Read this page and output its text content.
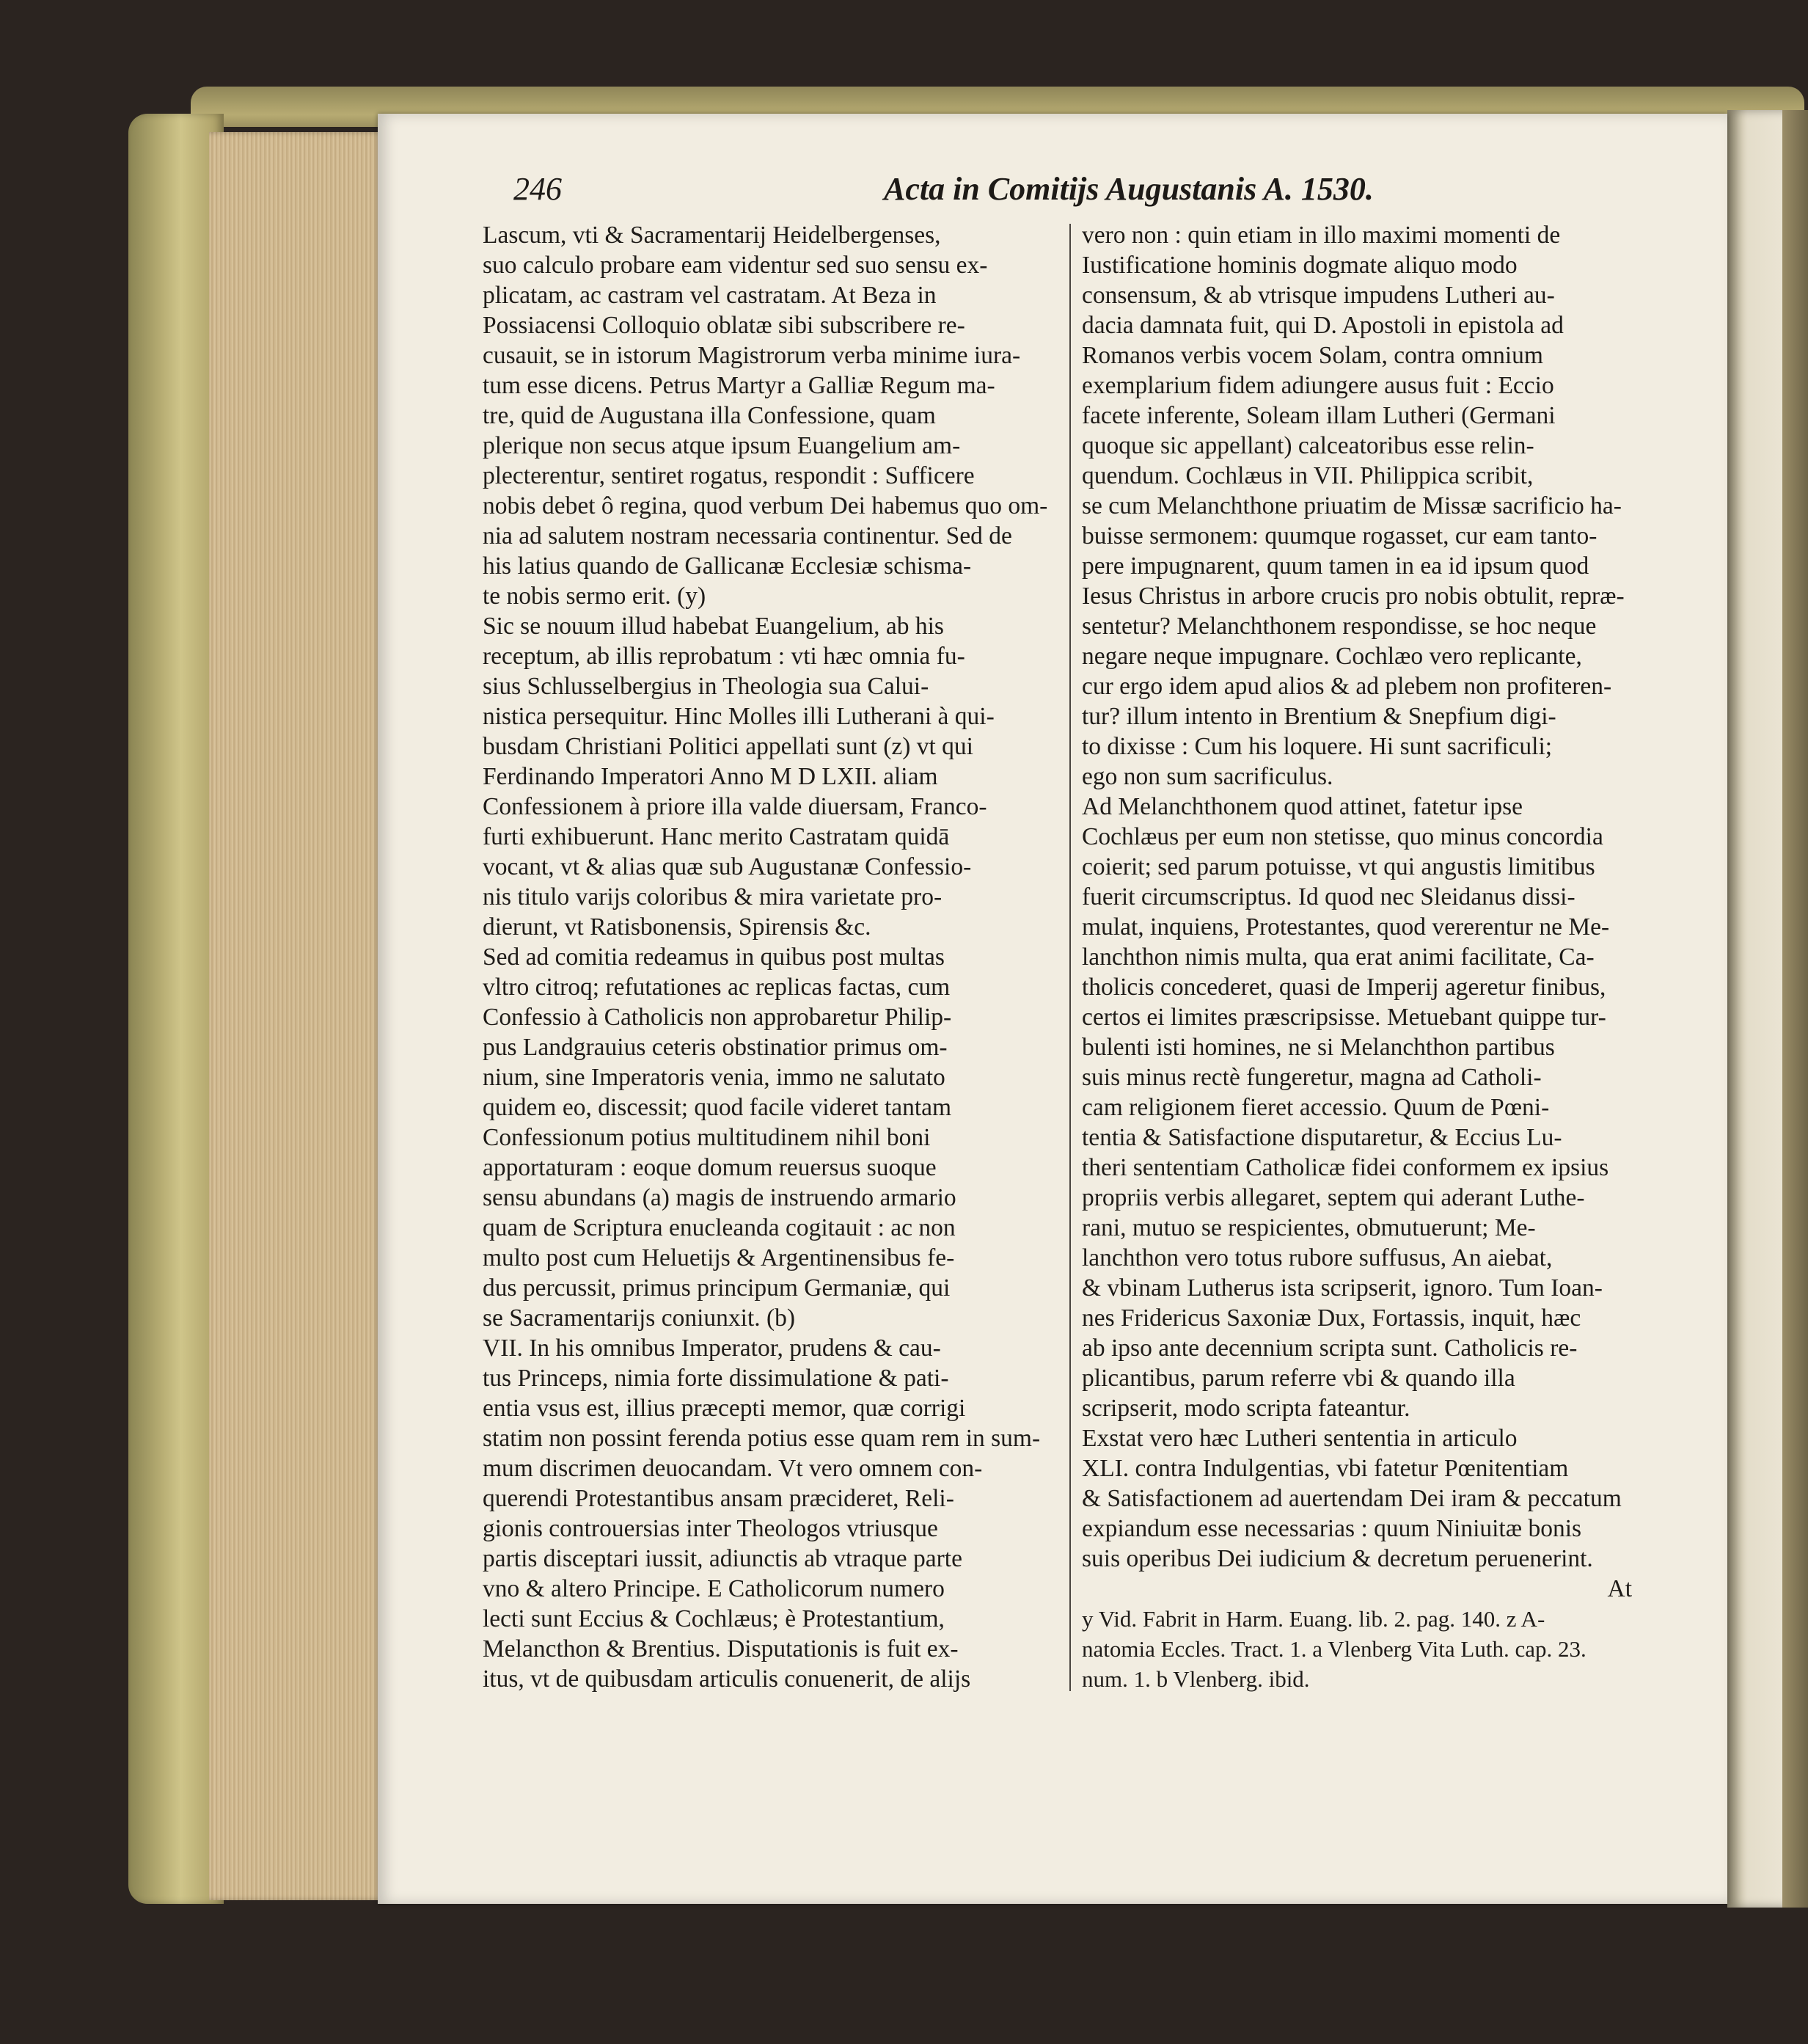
246	Acta in Comitijs Augustanis A. 1530.

Lascum, vti & Sacramentarij Heidelbergenses,

suo calculo probare eam videntur sed suo sensu ex-

plicatam, ac castram vel castratam. At Beza in

Possiacensi Colloquio oblatæ sibi subscribere re-

cusauit, se in istorum Magistrorum verba minime iura-

tum esse dicens. Petrus Martyr a Galliæ Regum ma-

tre, quid de Augustana illa Confessione, quam

plerique non secus atque ipsum Euangelium am-

plecterentur, sentiret rogatus, respondit : Sufficere

nobis debet ô regina, quod verbum Dei habemus quo om-

nia ad salutem nostram necessaria continentur. Sed de

his latius quando de Gallicanæ Ecclesiæ schisma-

te nobis sermo erit. (y)

Sic se nouum illud habebat Euangelium, ab his

receptum, ab illis reprobatum : vti hæc omnia fu-

sius Schlusselbergius in Theologia sua Calui-

nistica persequitur. Hinc Molles illi Lutherani à qui-

busdam Christiani Politici appellati sunt (z) vt qui

Ferdinando Imperatori Anno M D LXII. aliam

Confessionem à priore illa valde diuersam, Franco-

furti exhibuerunt. Hanc merito Castratam quidā

vocant, vt & alias quæ sub Augustanæ Confessio-

nis titulo varijs coloribus & mira varietate pro-

dierunt, vt Ratisbonensis, Spirensis &c.

Sed ad comitia redeamus in quibus post multas

vltro citroq; refutationes ac replicas factas, cum

Confessio à Catholicis non approbaretur Philip-

pus Landgrauius ceteris obstinatior primus om-

nium, sine Imperatoris venia, immo ne salutato

quidem eo, discessit; quod facile videret tantam

Confessionum potius multitudinem nihil boni

apportaturam : eoque domum reuersus suoque

sensu abundans (a) magis de instruendo armario

quam de Scriptura enucleanda cogitauit : ac non

multo post cum Heluetijs & Argentinensibus fe-

dus percussit, primus principum Germaniæ, qui

se Sacramentarijs coniunxit. (b)

VII. In his omnibus Imperator, prudens & cau-

tus Princeps, nimia forte dissimulatione & pati-

entia vsus est, illius præcepti memor, quæ corrigi

statim non possint ferenda potius esse quam rem in sum-

mum discrimen deuocandam. Vt vero omnem con-

querendi Protestantibus ansam præcideret, Reli-

gionis controuersias inter Theologos vtriusque

partis disceptari iussit, adiunctis ab vtraque parte

vno & altero Principe. E Catholicorum numero

lecti sunt Eccius & Cochlæus; è Protestantium,

Melancthon & Brentius. Disputationis is fuit ex-

itus, vt de quibusdam articulis conuenerit, de alijs

vero non : quin etiam in illo maximi momenti de

Iustificatione hominis dogmate aliquo modo

consensum, & ab vtrisque impudens Lutheri au-

dacia damnata fuit, qui D. Apostoli in epistola ad

Romanos verbis vocem Solam, contra omnium

exemplarium fidem adiungere ausus fuit : Eccio

facete inferente, Soleam illam Lutheri (Germani

quoque sic appellant) calceatoribus esse relin-

quendum. Cochlæus in VII. Philippica scribit,

se cum Melanchthone priuatim de Missæ sacrificio ha-

buisse sermonem: quumque rogasset, cur eam tanto-

pere impugnarent, quum tamen in ea id ipsum quod

Iesus Christus in arbore crucis pro nobis obtulit, repræ-

sentetur? Melanchthonem respondisse, se hoc neque

negare neque impugnare. Cochlæo vero replicante,

cur ergo idem apud alios & ad plebem non profiteren-

tur? illum intento in Brentium & Snepfium digi-

to dixisse : Cum his loquere. Hi sunt sacrificuli;

ego non sum sacrificulus.

Ad Melanchthonem quod attinet, fatetur ipse

Cochlæus per eum non stetisse, quo minus concordia

coierit; sed parum potuisse, vt qui angustis limitibus

fuerit circumscriptus. Id quod nec Sleidanus dissi-

mulat, inquiens, Protestantes, quod vererentur ne Me-

lanchthon nimis multa, qua erat animi facilitate, Ca-

tholicis concederet, quasi de Imperij ageretur finibus,

certos ei limites præscripsisse. Metuebant quippe tur-

bulenti isti homines, ne si Melanchthon partibus

suis minus rectè fungeretur, magna ad Catholi-

cam religionem fieret accessio. Quum de Pœni-

tentia & Satisfactione disputaretur, & Eccius Lu-

theri sententiam Catholicæ fidei conformem ex ipsius

propriis verbis allegaret, septem qui aderant Luthe-

rani, mutuo se respicientes, obmutuerunt; Me-

lanchthon vero totus rubore suffusus, An aiebat,

& vbinam Lutherus ista scripserit, ignoro. Tum Ioan-

nes Fridericus Saxoniæ Dux, Fortassis, inquit, hæc

ab ipso ante decennium scripta sunt. Catholicis re-

plicantibus, parum referre vbi & quando illa

scripserit, modo scripta fateantur.

Exstat vero hæc Lutheri sententia in articulo

XLI. contra Indulgentias, vbi fatetur Pœnitentiam

& Satisfactionem ad auertendam Dei iram & peccatum

expiandum esse necessarias : quum Niniuitæ bonis

suis operibus Dei iudicium & decretum peruenerint.

At

y Vid. Fabrit in Harm. Euang. lib. 2. pag. 140. z A-

natomia Eccles. Tract. 1. a Vlenberg Vita Luth. cap. 23.

num. 1. b Vlenberg. ibid.
